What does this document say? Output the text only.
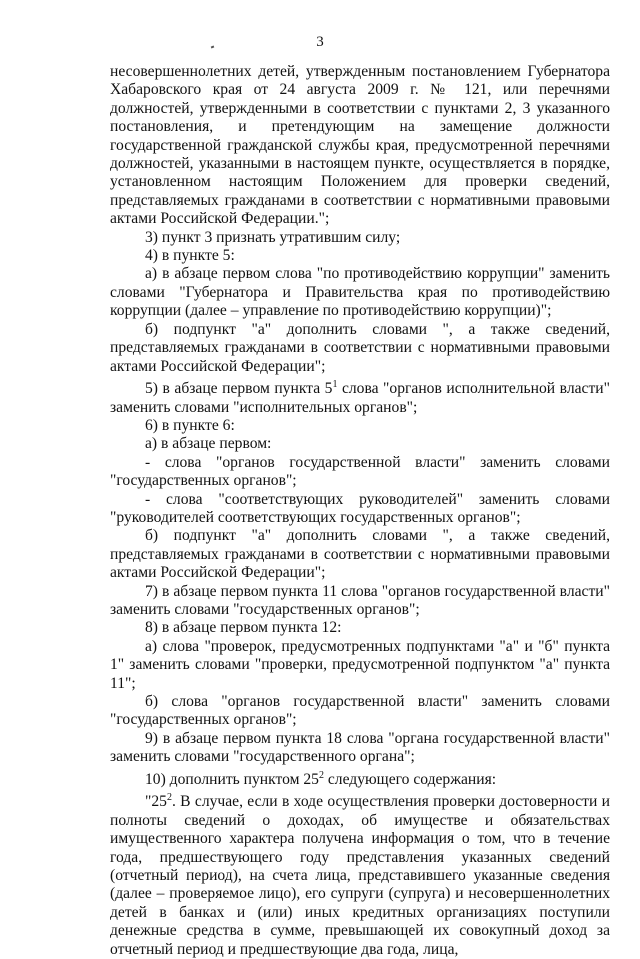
3

несовершеннолетних детей, утвержденным постановлением Губернатора Хабаровского края от 24 августа 2009 г. № 121, или перечнями должностей, утвержденными в соответствии с пунктами 2, 3 указанного постановления, и претендующим на замещение должности государственной гражданской службы края, предусмотренной перечнями должностей, указанными в настоящем пункте, осуществляется в порядке, установленном настоящим Положением для проверки сведений, представляемых гражданами в соответствии с нормативными правовыми актами Российской Федерации.";

3) пункт 3 признать утратившим силу;

4) в пункте 5:

а) в абзаце первом слова "по противодействию коррупции" заменить словами "Губернатора и Правительства края по противодействию коррупции (далее – управление по противодействию коррупции)";

б) подпункт "а" дополнить словами ", а также сведений, представляемых гражданами в соответствии с нормативными правовыми актами Российской Федерации";

5) в абзаце первом пункта $5^1$ слова "органов исполнительной власти" заменить словами "исполнительных органов";

6) в пункте 6:

а) в абзаце первом:

- слова "органов государственной власти" заменить словами "государственных органов";

- слова "соответствующих руководителей" заменить словами "руководителей соответствующих государственных органов";

б) подпункт "а" дополнить словами ", а также сведений, представляемых гражданами в соответствии с нормативными правовыми актами Российской Федерации";

7) в абзаце первом пункта 11 слова "органов государственной власти" заменить словами "государственных органов";

8) в абзаце первом пункта 12:

а) слова "проверок, предусмотренных подпунктами "а" и "б" пункта 1" заменить словами "проверки, предусмотренной подпунктом "а" пункта 11";

б) слова "органов государственной власти" заменить словами "государственных органов";

9) в абзаце первом пункта 18 слова "органа государственной власти" заменить словами "государственного органа";

10) дополнить пунктом $25^2$ следующего содержания:

"$25^2$. В случае, если в ходе осуществления проверки достоверности и полноты сведений о доходах, об имуществе и обязательствах имущественного характера получена информация о том, что в течение года, предшествующего году представления указанных сведений (отчетный период), на счета лица, представившего указанные сведения (далее – проверяемое лицо), его супруги (супруга) и несовершеннолетних детей в банках и (или) иных кредитных организациях поступили денежные средства в сумме, превышающей их совокупный доход за отчетный период и предшествующие два года, лица,
